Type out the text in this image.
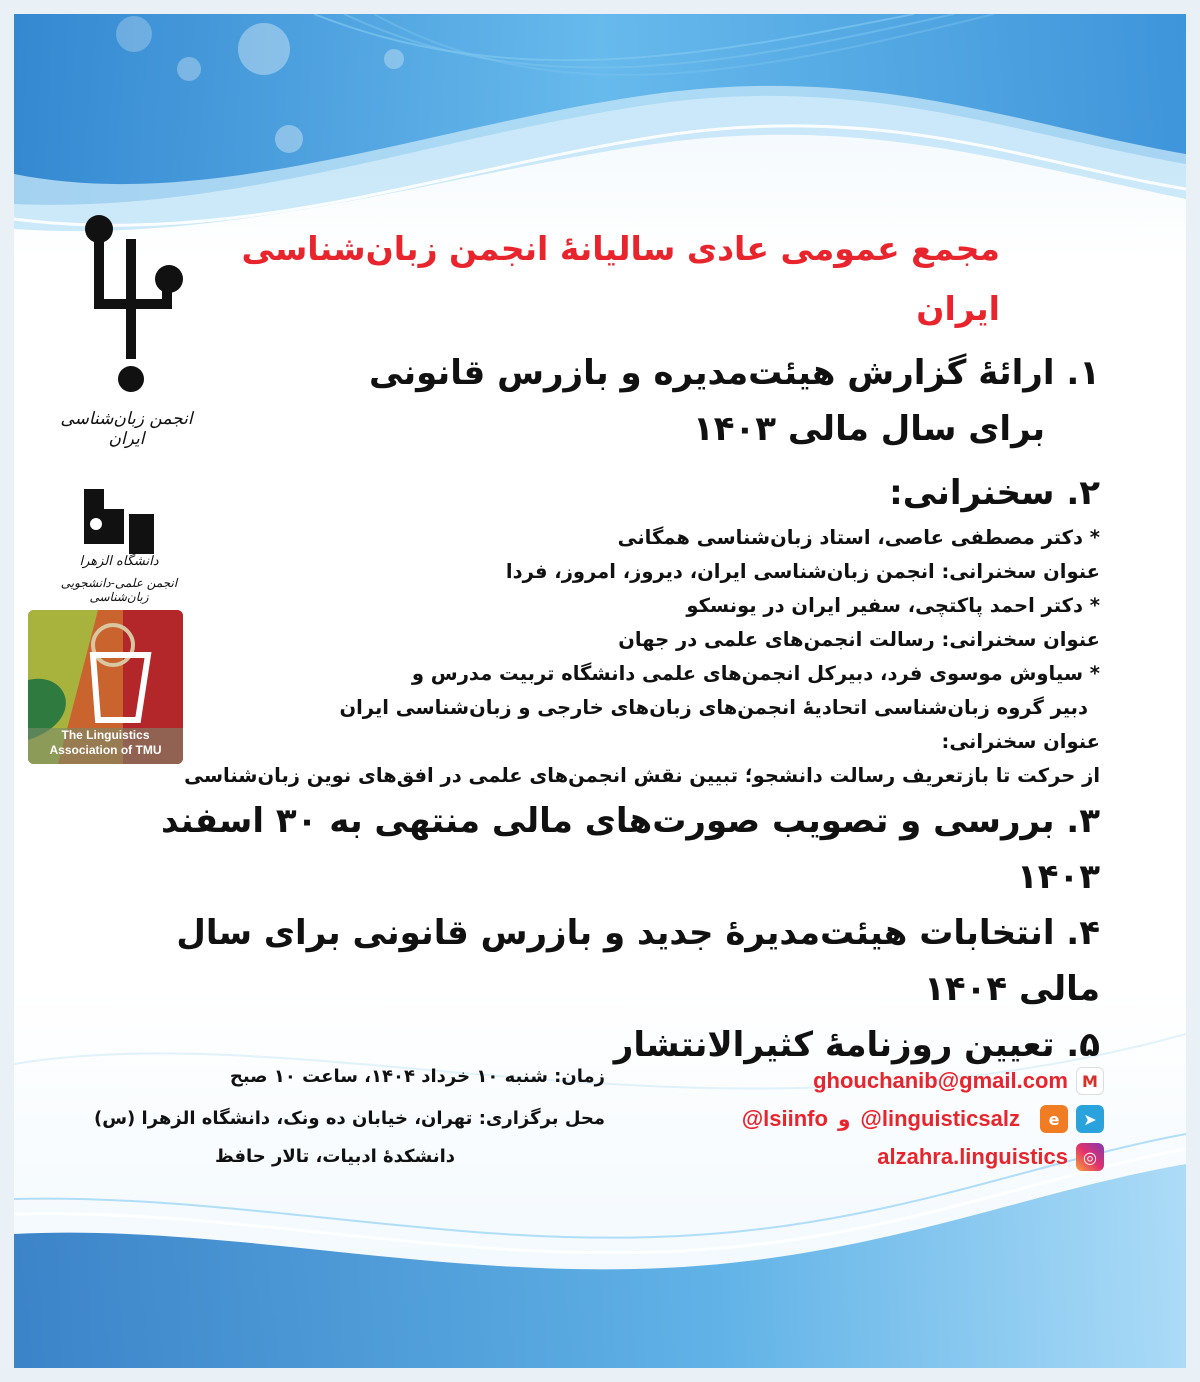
انجمن زبان‌شناسی ایران
دانشگاه الزهرا
انجمن علمی-دانشجویی زبان‌شناسی
The Linguistics Association of TMU
مجمع عمومی عادی سالیانهٔ انجمن زبان‌شناسی ایران
۱. ارائۀ گزارش هیئت‌مدیره و بازرس قانونی
برای سال مالی ۱۴۰۳
۲. سخنرانی:
* دکتر مصطفی عاصی، استاد زبان‌شناسی همگانی
عنوان سخنرانی: انجمن زبان‌شناسی ایران، دیروز، امروز، فردا
* دکتر احمد پاکتچی، سفیر ایران در یونسکو
عنوان سخنرانی: رسالت انجمن‌های علمی در جهان
* سیاوش موسوی فرد، دبیرکل انجمن‌های علمی دانشگاه تربیت مدرس و
دبیر گروه زبان‌شناسی اتحادیهٔ انجمن‌های زبان‌های خارجی و زبان‌شناسی ایران
عنوان سخنرانی:
از حرکت تا بازتعریف رسالت دانشجو؛ تبیین نقش انجمن‌های علمی در افق‌های نوین زبان‌شناسی
۳. بررسی و تصویب صورت‌های مالی منتهی به ۳۰ اسفند ۱۴۰۳
۴. انتخابات هیئت‌مدیرهٔ جدید و بازرس قانونی برای سال مالی ۱۴۰۴
۵. تعیین روزنامهٔ کثیرالانتشار
زمان: شنبه ۱۰ خرداد ۱۴۰۴، ساعت ۱۰ صبح
محل برگزاری: تهران، خیابان ده ونک، دانشگاه الزهرا (س)
دانشکدهٔ ادبیات، تالار حافظ
ghouchanib@gmail.com M
@lsiinfo و @linguisticsalz	e	➤
alzahra.linguistics ◎
